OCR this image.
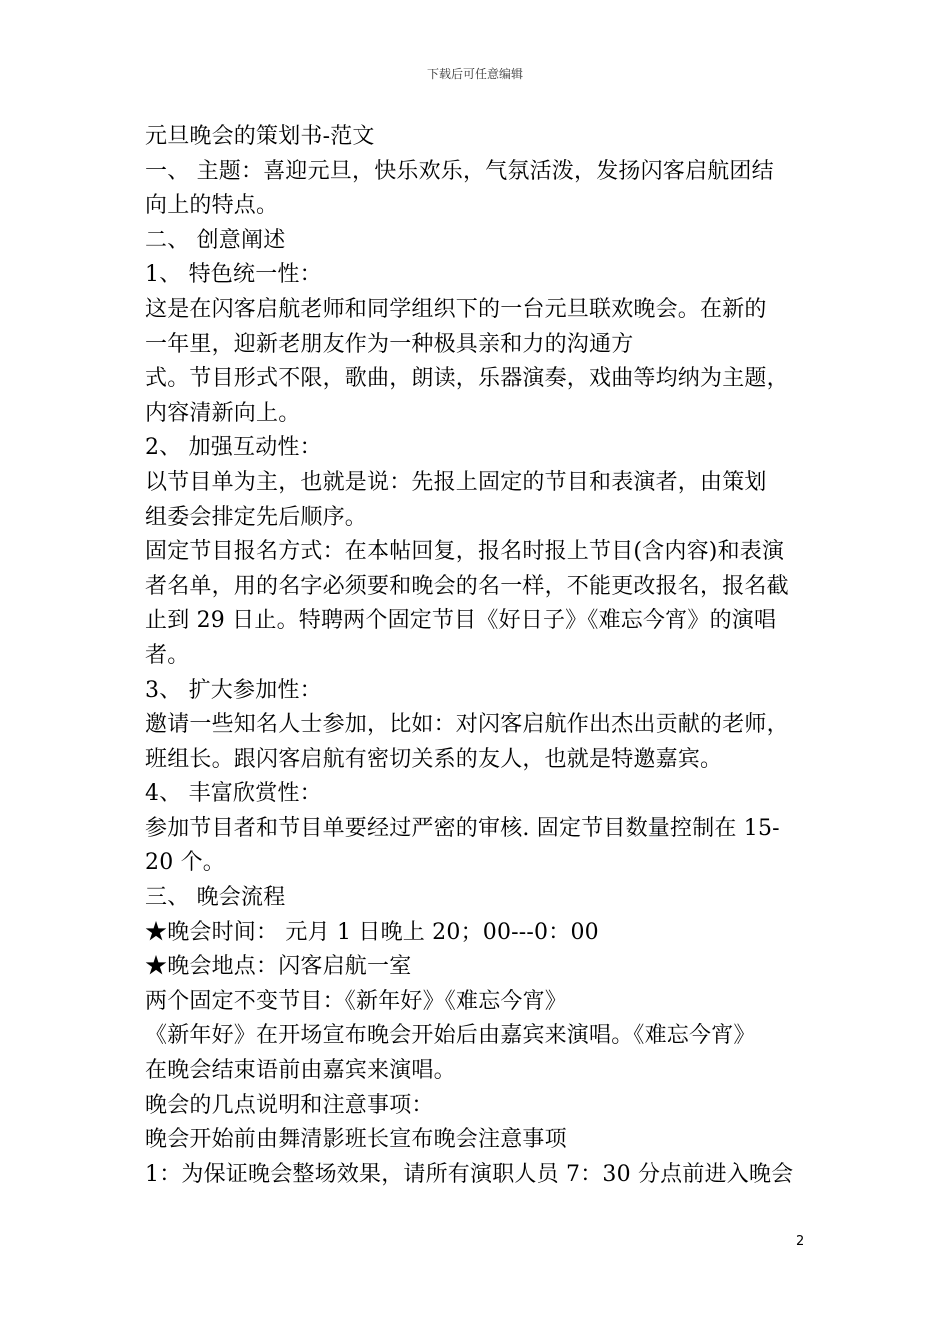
下载后可任意编辑
元旦晚会的策划书-范文
一、 主题：喜迎元旦，快乐欢乐，气氛活泼，发扬闪客启航团结
向上的特点。
二、 创意阐述
1、 特色统一性：
这是在闪客启航老师和同学组织下的一台元旦联欢晚会。在新的
一年里，迎新老朋友作为一种极具亲和力的沟通方
式。节目形式不限，歌曲，朗读，乐器演奏，戏曲等均纳为主题，
内容清新向上。
2、 加强互动性：
以节目单为主，也就是说：先报上固定的节目和表演者，由策划
组委会排定先后顺序。
固定节目报名方式：在本帖回复，报名时报上节目(含内容)和表演
者名单，用的名字必须要和晚会的名一样，不能更改报名，报名截
止到 29 日止。特聘两个固定节目《好日子》《难忘今宵》的演唱
者。
3、 扩大参加性：
邀请一些知名人士参加，比如：对闪客启航作出杰出贡献的老师，
班组长。跟闪客启航有密切关系的友人，也就是特邀嘉宾。
4、 丰富欣赏性：
参加节目者和节目单要经过严密的审核. 固定节目数量控制在 15-
20 个。
三、 晚会流程
★晚会时间： 元月 1 日晚上 20；00---0：00
★晚会地点：闪客启航一室
两个固定不变节目：《新年好》《难忘今宵》
《新年好》在开场宣布晚会开始后由嘉宾来演唱。《难忘今宵》
在晚会结束语前由嘉宾来演唱。
晚会的几点说明和注意事项：
晚会开始前由舞清影班长宣布晚会注意事项
1：为保证晚会整场效果，请所有演职人员 7：30 分点前进入晚会
2
